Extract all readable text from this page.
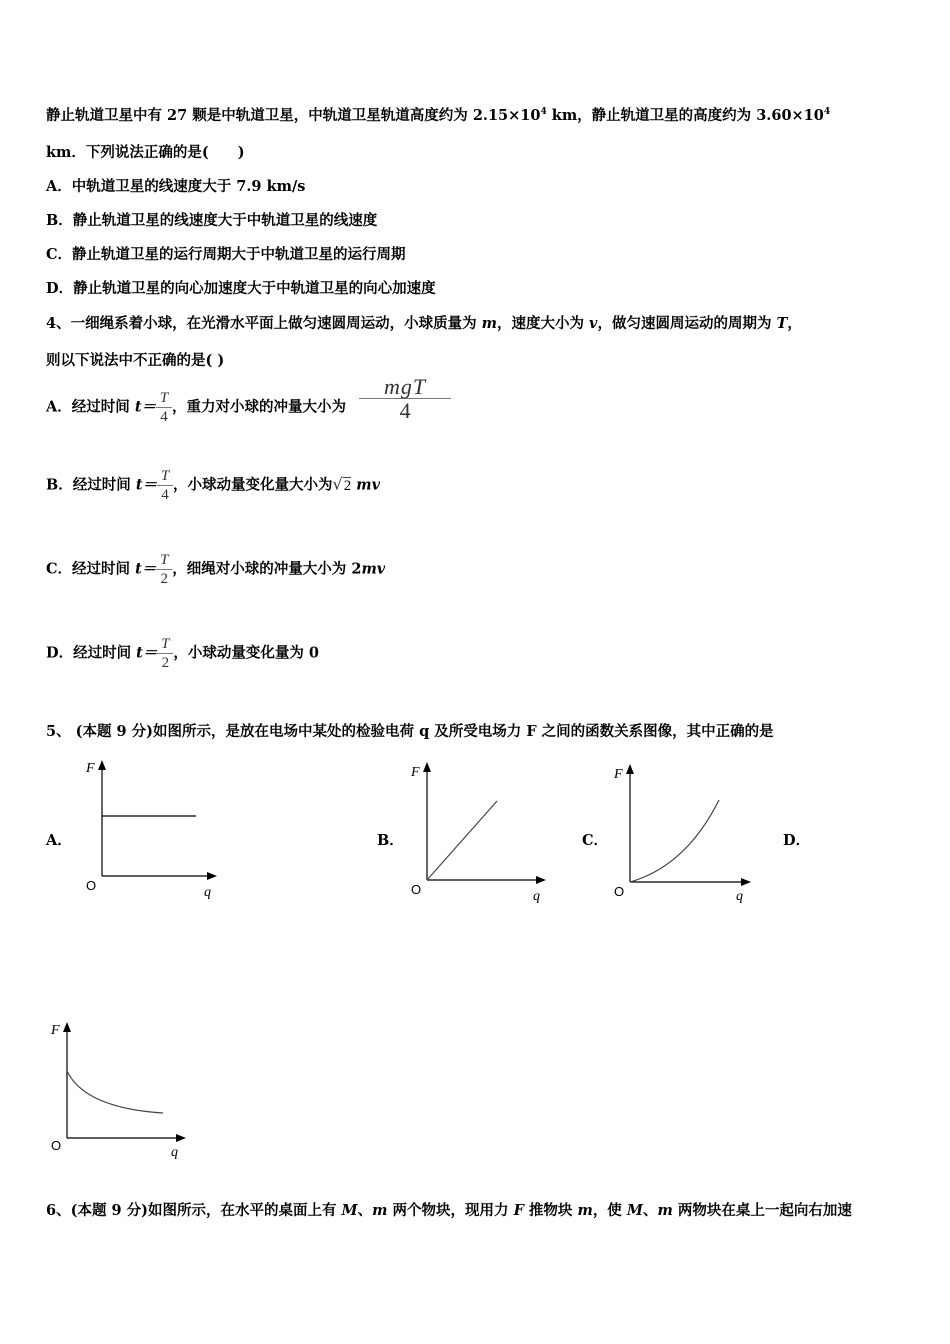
静止轨道卫星中有 27 颗是中轨道卫星，中轨道卫星轨道高度约为 $2.15\times 10^4$ km，静止轨道卫星的高度约为 $3.60\times 10^4$
km．下列说法正确的是(　　)
A．中轨道卫星的线速度大于 7.9 km/s
B．静止轨道卫星的线速度大于中轨道卫星的线速度
C．静止轨道卫星的运行周期大于中轨道卫星的运行周期
D．静止轨道卫星的向心加速度大于中轨道卫星的向心加速度
4、一细绳系着小球，在光滑水平面上做匀速圆周运动，小球质量为 m，速度大小为 v，做匀速圆周运动的周期为 T，
则以下说法中不正确的是( )
A．经过时间 $t= \frac{T}{4}$ ，重力对小球的冲量大小为 $\frac{\text{mgT}}{4}$
B．经过时间 $t= \frac{T}{4}$ ，小球动量变化量大小为√2 mv
C．经过时间 $t= \frac{T}{2}$ ，细绳对小球的冲量大小为 2mv
D．经过时间 $t= \frac{T}{2}$ ，小球动量变化量为 0
5、 (本题 9 分)如图所示，是放在电场中某处的检验电荷 q 及所受电场力 F 之间的函数关系图像，其中正确的是
A．	B．	C．	D．
F
q
O
F
q
O
F
q
O
F
q
O
6、(本题 9 分)如图所示，在水平的桌面上有 M、m 两个物块，现用力 F 推物块 m，使 M、m 两物块在桌上一起向右加速
